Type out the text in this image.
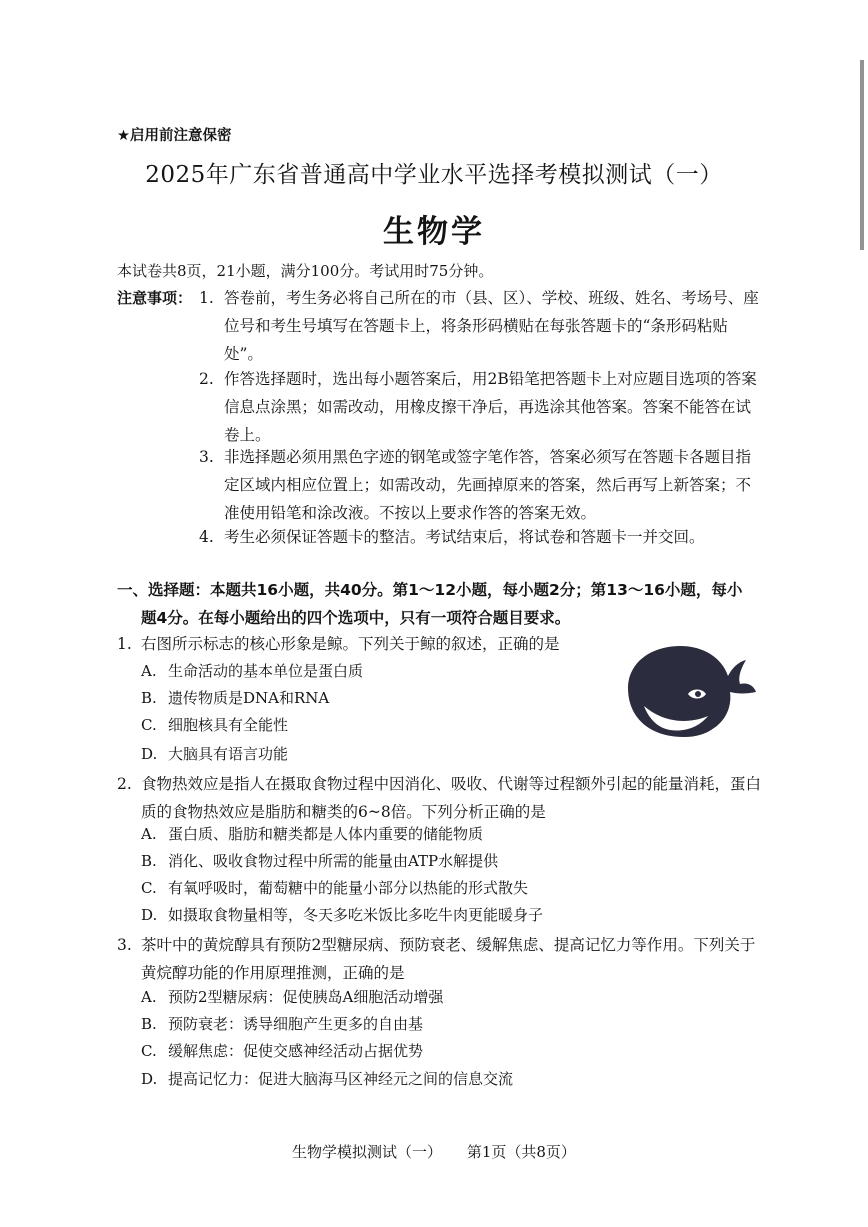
★启用前注意保密
2025年广东省普通高中学业水平选择考模拟测试（一）
生物学
本试卷共8页，21小题，满分100分。考试用时75分钟。
注意事项： 1. 答卷前，考生务必将自己所在的市（县、区）、学校、班级、姓名、考场号、座位号和考生号填写在答题卡上，将条形码横贴在每张答题卡的“条形码粘贴处”。
2. 作答选择题时，选出每小题答案后，用2B铅笔把答题卡上对应题目选项的答案信息点涂黑；如需改动，用橡皮擦干净后，再选涂其他答案。答案不能答在试卷上。
3. 非选择题必须用黑色字迹的钢笔或签字笔作答，答案必须写在答题卡各题目指定区域内相应位置上；如需改动，先画掉原来的答案，然后再写上新答案；不准使用铅笔和涂改液。不按以上要求作答的答案无效。
4. 考生必须保证答题卡的整洁。考试结束后，将试卷和答题卡一并交回。
一、选择题：本题共16小题，共40分。第1～12小题，每小题2分；第13～16小题，每小题4分。在每小题给出的四个选项中，只有一项符合题目要求。
1. 右图所示标志的核心形象是鲸。下列关于鲸的叙述，正确的是
A. 生命活动的基本单位是蛋白质
B. 遗传物质是DNA和RNA
C. 细胞核具有全能性
D. 大脑具有语言功能
2. 食物热效应是指人在摄取食物过程中因消化、吸收、代谢等过程额外引起的能量消耗，蛋白质的食物热效应是脂肪和糖类的6~8倍。下列分析正确的是
A. 蛋白质、脂肪和糖类都是人体内重要的储能物质
B. 消化、吸收食物过程中所需的能量由ATP水解提供
C. 有氧呼吸时，葡萄糖中的能量小部分以热能的形式散失
D. 如摄取食物量相等，冬天多吃米饭比多吃牛肉更能暖身子
3. 茶叶中的黄烷醇具有预防2型糖尿病、预防衰老、缓解焦虑、提高记忆力等作用。下列关于黄烷醇功能的作用原理推测，正确的是
A. 预防2型糖尿病：促使胰岛A细胞活动增强
B. 预防衰老：诱导细胞产生更多的自由基
C. 缓解焦虑：促使交感神经活动占据优势
D. 提高记忆力：促进大脑海马区神经元之间的信息交流
生物学模拟测试（一） 第1页（共8页）
